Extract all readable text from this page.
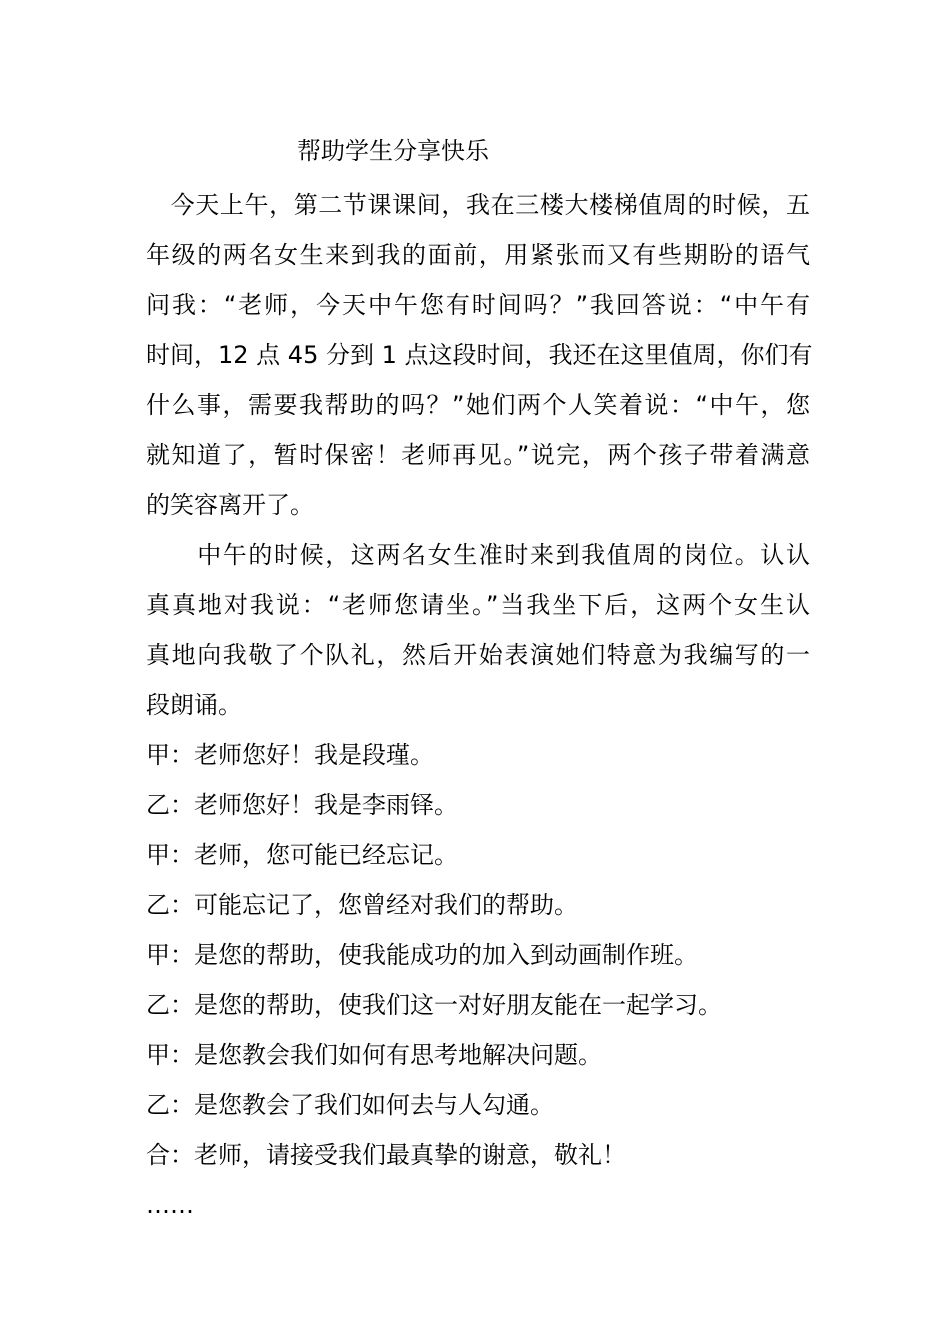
帮助学生分享快乐
　今天上午，第二节课课间，我在三楼大楼梯值周的时候，五
年级的两名女生来到我的面前，用紧张而又有些期盼的语气
问我：“老师，今天中午您有时间吗？”我回答说：“中午有
时间，12 点 45 分到 1 点这段时间，我还在这里值周，你们有
什么事，需要我帮助的吗？”她们两个人笑着说：“中午，您
就知道了，暂时保密！老师再见。”说完，两个孩子带着满意
的笑容离开了。
　　中午的时候，这两名女生准时来到我值周的岗位。认认
真真地对我说：“老师您请坐。”当我坐下后，这两个女生认
真地向我敬了个队礼，然后开始表演她们特意为我编写的一
段朗诵。
甲：老师您好！我是段瑾。
乙：老师您好！我是李雨铎。
甲：老师，您可能已经忘记。
乙：可能忘记了，您曾经对我们的帮助。
甲：是您的帮助，使我能成功的加入到动画制作班。
乙：是您的帮助，使我们这一对好朋友能在一起学习。
甲：是您教会我们如何有思考地解决问题。
乙：是您教会了我们如何去与人勾通。
合：老师，请接受我们最真挚的谢意，敬礼！
……
